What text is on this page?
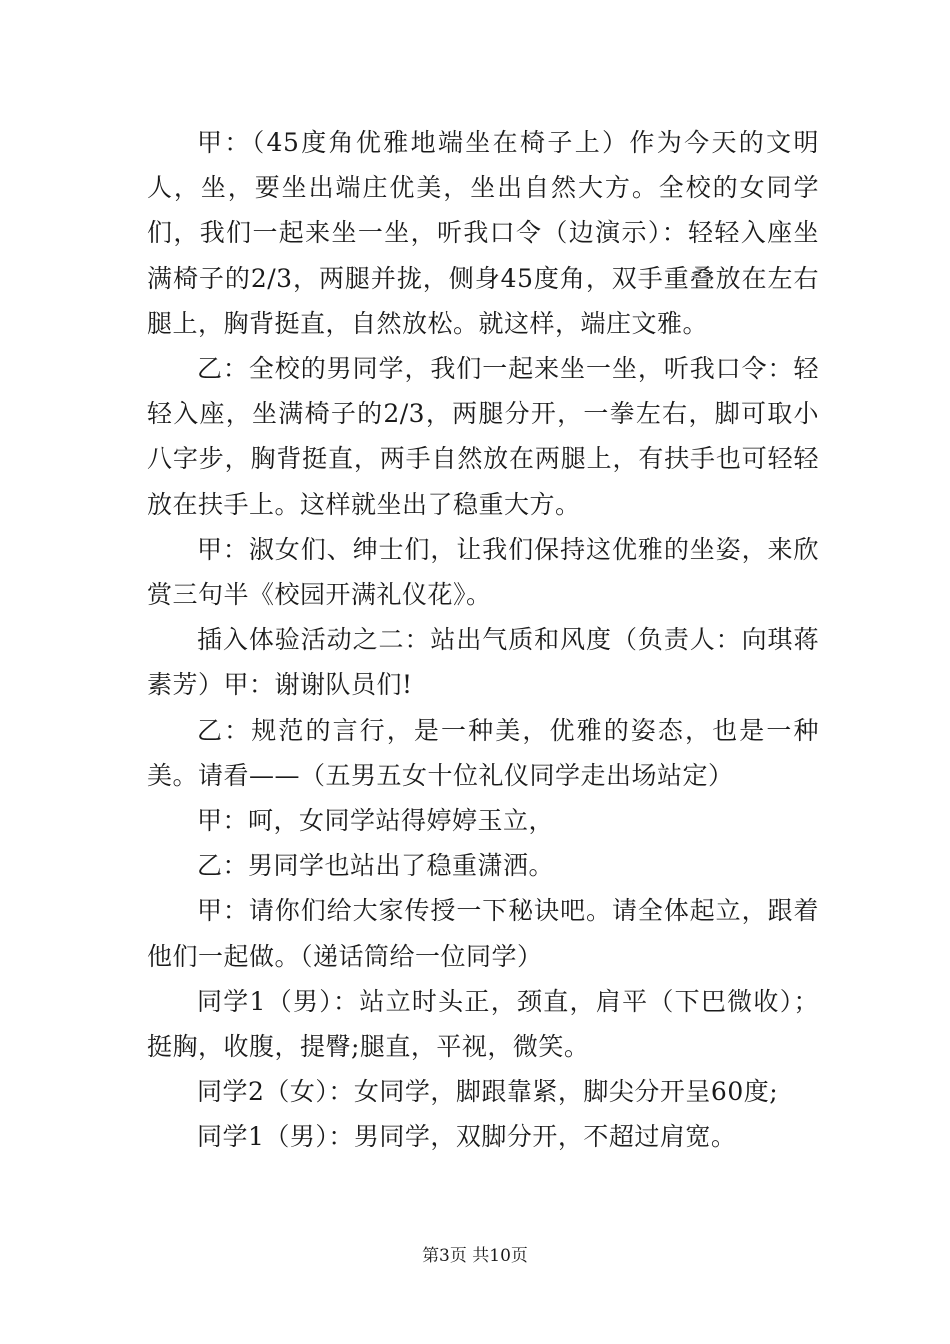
甲：（45度角优雅地端坐在椅子上）作为今天的文明人，坐，要坐出端庄优美，坐出自然大方。全校的女同学们，我们一起来坐一坐，听我口令（边演示）：轻轻入座坐满椅子的2/3，两腿并拢，侧身45度角，双手重叠放在左右腿上，胸背挺直，自然放松。就这样，端庄文雅。

乙：全校的男同学，我们一起来坐一坐，听我口令：轻轻入座，坐满椅子的2/3，两腿分开，一拳左右，脚可取小八字步，胸背挺直，两手自然放在两腿上，有扶手也可轻轻放在扶手上。这样就坐出了稳重大方。

甲：淑女们、绅士们，让我们保持这优雅的坐姿，来欣赏三句半《校园开满礼仪花》。

插入体验活动之二：站出气质和风度（负责人：向琪蒋素芳）甲：谢谢队员们!

乙：规范的言行，是一种美，优雅的姿态，也是一种美。请看——（五男五女十位礼仪同学走出场站定）

甲：呵，女同学站得婷婷玉立，

乙：男同学也站出了稳重潇洒。

甲：请你们给大家传授一下秘诀吧。请全体起立，跟着他们一起做。（递话筒给一位同学）

同学1（男）：站立时头正，颈直，肩平（下巴微收）；挺胸，收腹，提臀;腿直，平视，微笑。

同学2（女）：女同学，脚跟靠紧，脚尖分开呈60度;

同学1（男）：男同学，双脚分开，不超过肩宽。

第3页 共10页
